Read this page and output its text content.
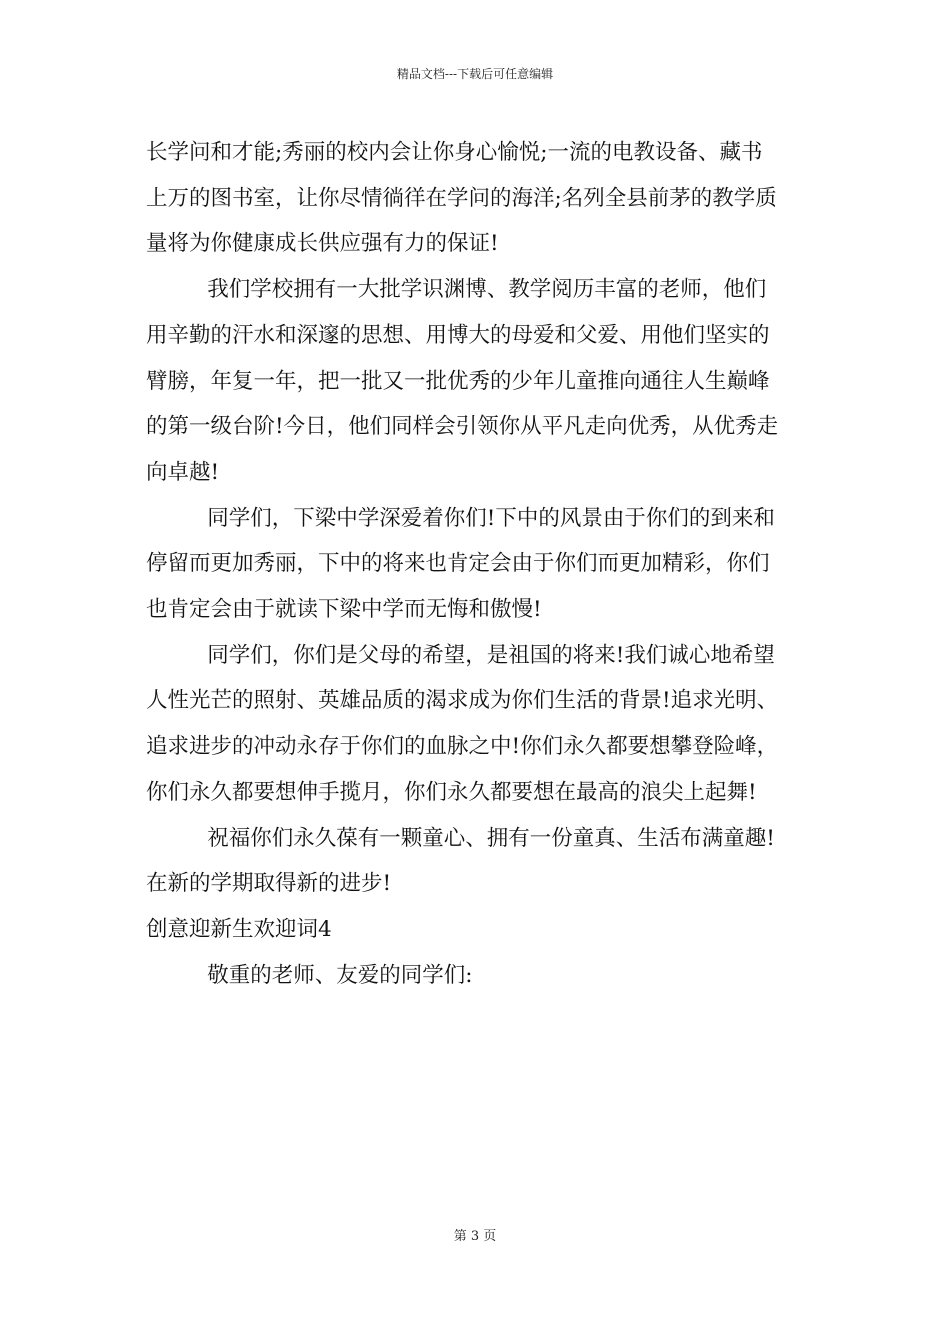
精品文档---下载后可任意编辑

长学问和才能;秀丽的校内会让你身心愉悦;一流的电教设备、藏书
上万的图书室，让你尽情徜徉在学问的海洋;名列全县前茅的教学质
量将为你健康成长供应强有力的保证!

我们学校拥有一大批学识渊博、教学阅历丰富的老师，他们
用辛勤的汗水和深邃的思想、用博大的母爱和父爱、用他们坚实的
臂膀，年复一年，把一批又一批优秀的少年儿童推向通往人生巅峰
的第一级台阶!今日，他们同样会引领你从平凡走向优秀，从优秀走
向卓越!

同学们，下梁中学深爱着你们!下中的风景由于你们的到来和
停留而更加秀丽，下中的将来也肯定会由于你们而更加精彩，你们
也肯定会由于就读下梁中学而无悔和傲慢!

同学们，你们是父母的希望，是祖国的将来!我们诚心地希望
人性光芒的照射、英雄品质的渴求成为你们生活的背景!追求光明、
追求进步的冲动永存于你们的血脉之中!你们永久都要想攀登险峰，
你们永久都要想伸手揽月，你们永久都要想在最高的浪尖上起舞!

祝福你们永久葆有一颗童心、拥有一份童真、生活布满童趣!
在新的学期取得新的进步!

创意迎新生欢迎词4

敬重的老师、友爱的同学们:

第 3 页
